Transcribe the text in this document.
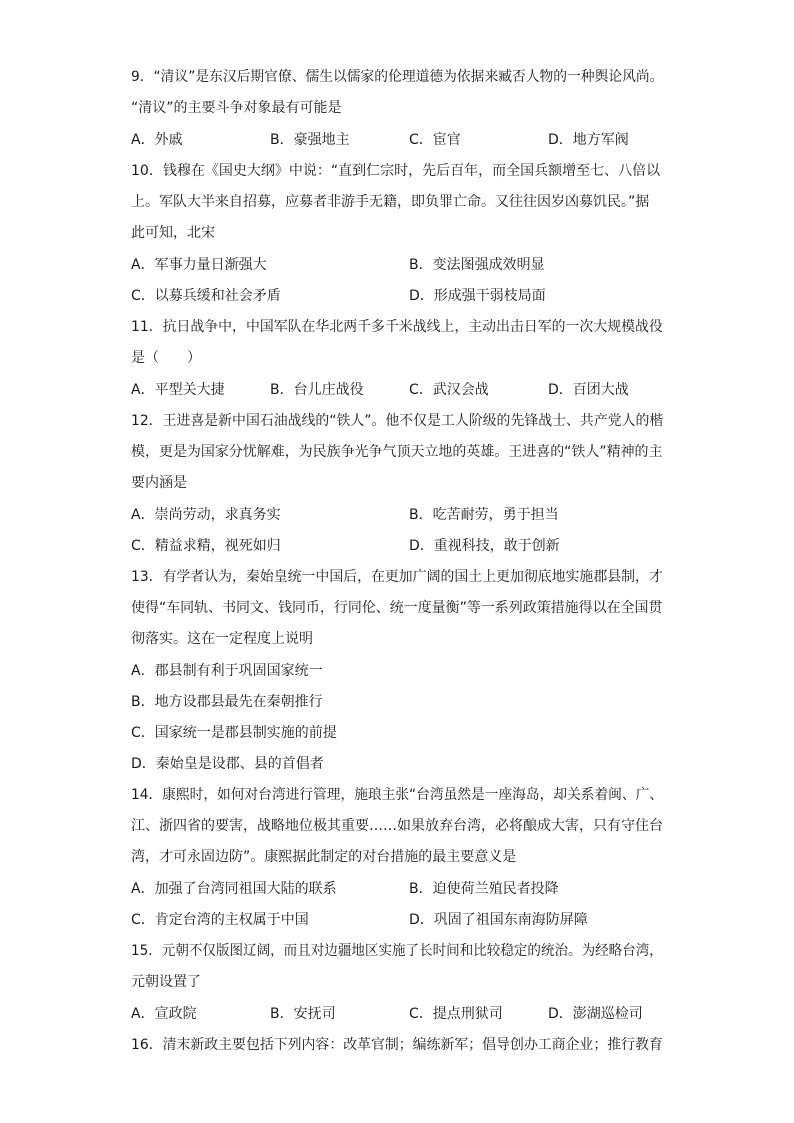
9．“清议”是东汉后期官僚、儒生以儒家的伦理道德为依据来臧否人物的一种舆论风尚。
“清议”的主要斗争对象最有可能是
A．外戚	B．豪强地主	C．宦官	D．地方军阀
10．钱穆在《国史大纲》中说：“直到仁宗时，先后百年，而全国兵额增至七、八倍以
上。军队大半来自招募，应募者非游手无籍，即负罪亡命。又往往因岁凶募饥民。”据
此可知，北宋
A．军事力量日渐强大	B．变法图强成效明显
C．以募兵缓和社会矛盾	D．形成强干弱枝局面
11．抗日战争中，中国军队在华北两千多千米战线上，主动出击日军的一次大规模战役
是（　　）
A．平型关大捷	B．台儿庄战役	C．武汉会战	D．百团大战
12．王进喜是新中国石油战线的“铁人”。他不仅是工人阶级的先锋战士、共产党人的楷
模，更是为国家分忧解难，为民族争光争气顶天立地的英雄。王进喜的“铁人”精神的主
要内涵是
A．崇尚劳动，求真务实	B．吃苦耐劳，勇于担当
C．精益求精，视死如归	D．重视科技，敢于创新
13．有学者认为，秦始皇统一中国后，在更加广阔的国土上更加彻底地实施郡县制，才
使得“车同轨、书同文、钱同币，行同伦、统一度量衡”等一系列政策措施得以在全国贯
彻落实。这在一定程度上说明
A．郡县制有利于巩固国家统一
B．地方设郡县最先在秦朝推行
C．国家统一是郡县制实施的前提
D．秦始皇是设郡、县的首倡者
14．康熙时，如何对台湾进行管理，施琅主张“台湾虽然是一座海岛，却关系着闽、广、
江、浙四省的要害，战略地位极其重要……如果放弃台湾，必将酿成大害，只有守住台
湾，才可永固边防”。康熙据此制定的对台措施的最主要意义是
A．加强了台湾同祖国大陆的联系	B．迫使荷兰殖民者投降
C．肯定台湾的主权属于中国	D．巩固了祖国东南海防屏障
15．元朝不仅版图辽阔，而且对边疆地区实施了长时间和比较稳定的统治。为经略台湾，
元朝设置了
A．宣政院	B．安抚司	C．提点刑狱司	D．澎湖巡检司
16．清末新政主要包括下列内容：改革官制；编练新军；倡导创办工商企业；推行教育
